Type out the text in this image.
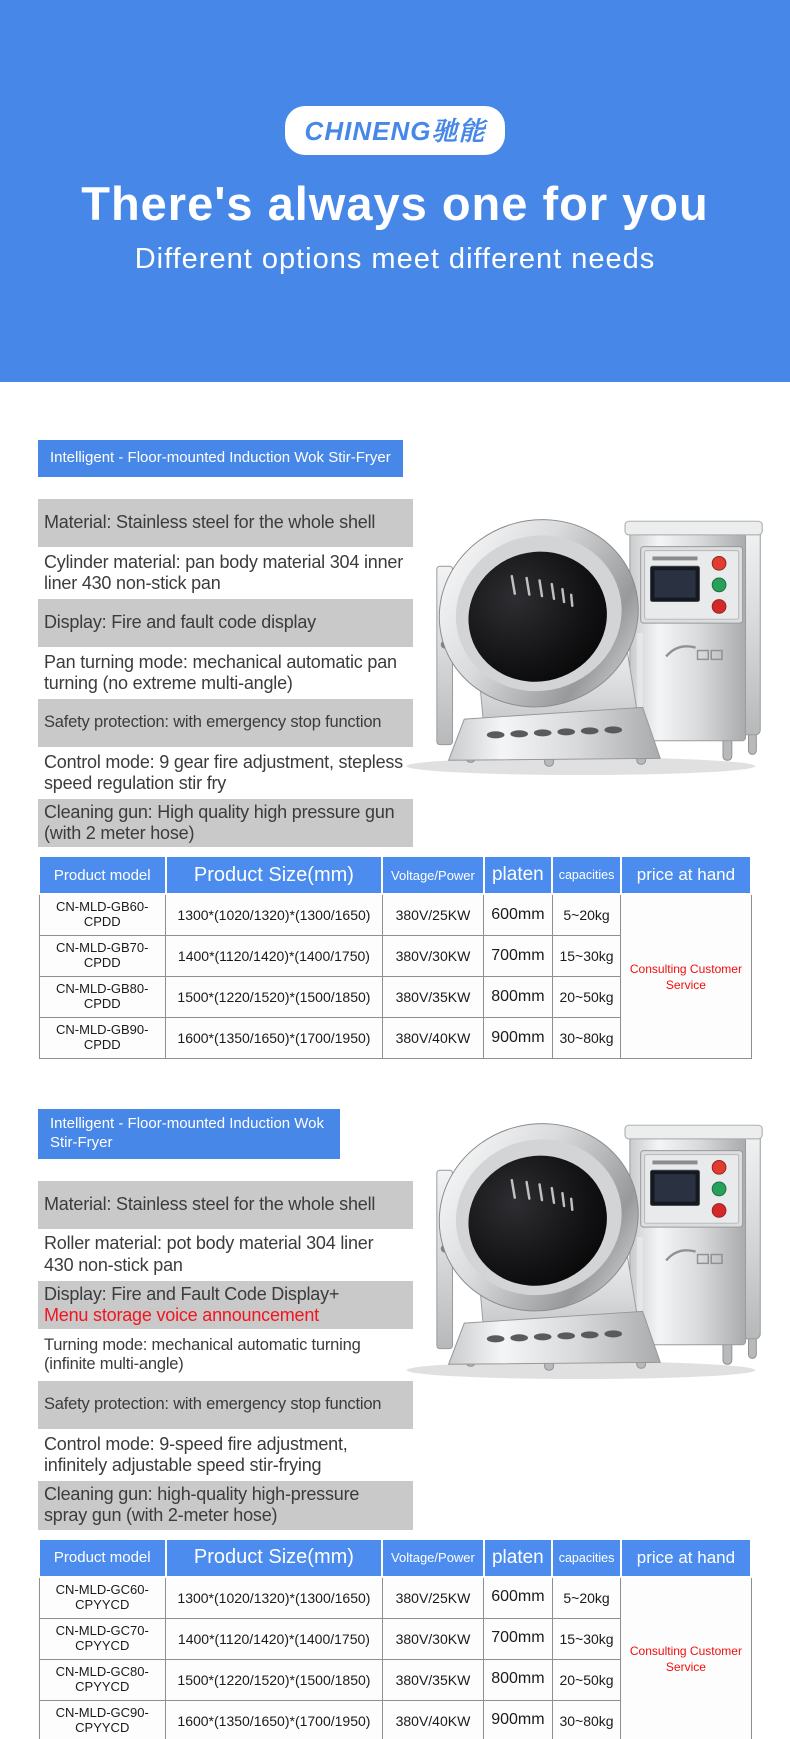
CHINENG驰能
There's always one for you
Different options meet different needs
Intelligent - Floor-mounted Induction Wok Stir-Fryer
Material: Stainless steel for the whole shell
Cylinder material: pan body material 304 inner liner 430 non-stick pan
Display: Fire and fault code display
Pan turning mode: mechanical automatic pan turning (no extreme multi-angle)
Safety protection: with emergency stop function
Control mode: 9 gear fire adjustment, stepless speed regulation stir fry
Cleaning gun: High quality high pressure gun (with 2 meter hose)
Product model	Product Size(mm)	Voltage/Power	platen	capacities	price at hand
CN-MLD-GB60-CPDD	1300*(1020/1320)*(1300/1650)	380V/25KW	600mm	5~20kg	Consulting Customer Service
CN-MLD-GB70-CPDD	1400*(1120/1420)*(1400/1750)	380V/30KW	700mm	15~30kg	
CN-MLD-GB80-CPDD	1500*(1220/1520)*(1500/1850)	380V/35KW	800mm	20~50kg	
CN-MLD-GB90-CPDD	1600*(1350/1650)*(1700/1950)	380V/40KW	900mm	30~80kg	
Intelligent - Floor-mounted Induction Wok Stir-Fryer
Material: Stainless steel for the whole shell
Roller material: pot body material 304 liner 430 non-stick pan
Display: Fire and Fault Code Display+
Menu storage voice announcement
Turning mode: mechanical automatic turning (infinite multi-angle)
Safety protection: with emergency stop function
Control mode: 9-speed fire adjustment, infinitely adjustable speed stir-frying
Cleaning gun: high-quality high-pressure spray gun (with 2-meter hose)
Product model	Product Size(mm)	Voltage/Power	platen	capacities	price at hand
CN-MLD-GC60-CPYYCD	1300*(1020/1320)*(1300/1650)	380V/25KW	600mm	5~20kg	Consulting Customer Service
CN-MLD-GC70-CPYYCD	1400*(1120/1420)*(1400/1750)	380V/30KW	700mm	15~30kg	
CN-MLD-GC80-CPYYCD	1500*(1220/1520)*(1500/1850)	380V/35KW	800mm	20~50kg	
CN-MLD-GC90-CPYYCD	1600*(1350/1650)*(1700/1950)	380V/40KW	900mm	30~80kg	
